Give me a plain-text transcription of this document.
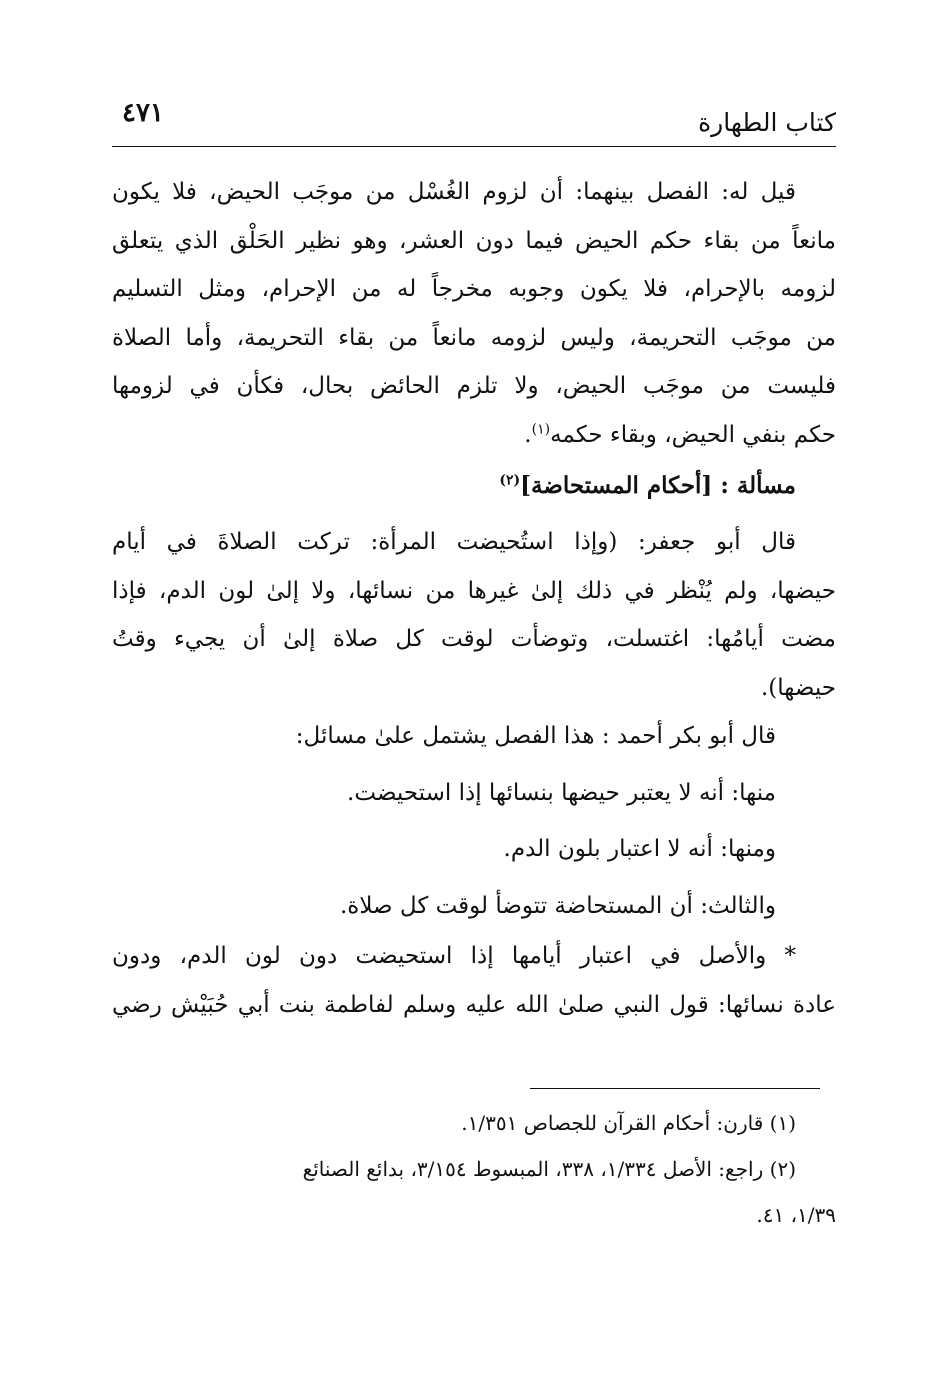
٤٧١	كتاب الطهارة
قيل له: الفصل بينهما: أن لزوم الغُسْل من موجَب الحيض، فلا يكون
مانعاً من بقاء حكم الحيض فيما دون العشر، وهو نظير الحَلْق الذي يتعلق
لزومه بالإحرام، فلا يكون وجوبه مخرجاً له من الإحرام، ومثل التسليم
من موجَب التحريمة، وليس لزومه مانعاً من بقاء التحريمة، وأما الصلاة
فليست من موجَب الحيض، ولا تلزم الحائض بحال، فكأن في لزومها
حكم بنفي الحيض، وبقاء حكمه$^{(١)}$.
مسألة : [أحكام المستحاضة]$^{(٢)}$
قال أبو جعفر: (وإذا استُحيضت المرأة: تركت الصلاةَ في أيام
حيضها، ولم يُنْظر في ذلك إلىٰ غيرها من نسائها، ولا إلىٰ لون الدم، فإذا
مضت أيامُها: اغتسلت، وتوضأت لوقت كل صلاة إلىٰ أن يجيء وقتُ
حيضها).
قال أبو بكر أحمد : هذا الفصل يشتمل علىٰ مسائل:
منها: أنه لا يعتبر حيضها بنسائها إذا استحيضت.
ومنها: أنه لا اعتبار بلون الدم.
والثالث: أن المستحاضة تتوضأ لوقت كل صلاة.
* والأصل في اعتبار أيامها إذا استحيضت دون لون الدم، ودون
عادة نسائها: قول النبي صلىٰ الله عليه وسلم لفاطمة بنت أبي حُبَيْش رضي
(١) قارن: أحكام القرآن للجصاص ١/٣٥١.
(٢) راجع: الأصل ١/٣٣٤، ٣٣٨، المبسوط ٣/١٥٤، بدائع الصنائع
١/٣٩، ٤١.
